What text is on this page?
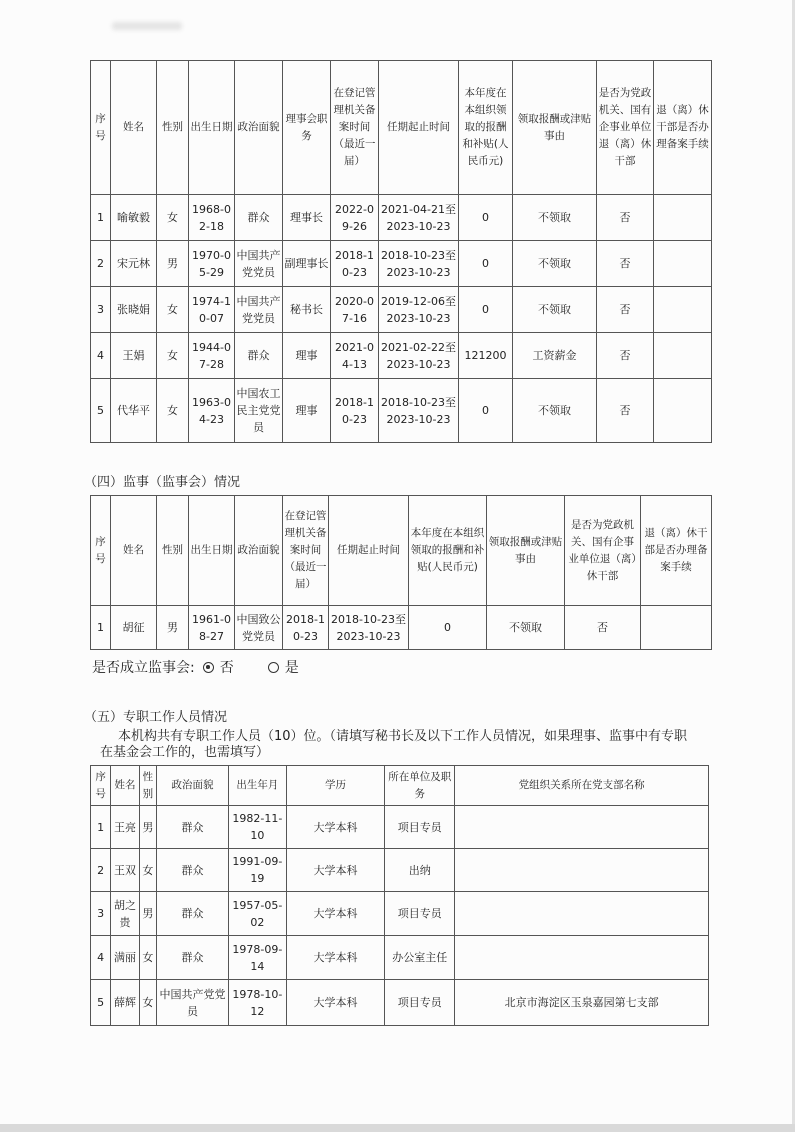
序号	姓名	性别	出生日期	政治面貌	理事会职务	在登记管理机关备案时间（最近一届）	任期起止时间	本年度在本组织领取的报酬和补贴(人民币元)	领取报酬或津贴事由	是否为党政机关、国有企事业单位退（离）休干部	退（离）休干部是否办理备案手续
1	喻敏毅	女	1968-02-18	群众	理事长	2022-09-26	2021-04-21至2023-10-23	0	不领取	否	
2	宋元林	男	1970-05-29	中国共产党党员	副理事长	2018-10-23	2018-10-23至2023-10-23	0	不领取	否	
3	张晓娟	女	1974-10-07	中国共产党党员	秘书长	2020-07-16	2019-12-06至2023-10-23	0	不领取	否	
4	王娟	女	1944-07-28	群众	理事	2021-04-13	2021-02-22至2023-10-23	121200	工资薪金	否	
5	代华平	女	1963-04-23	中国农工民主党党员	理事	2018-10-23	2018-10-23至2023-10-23	0	不领取	否	
（四）监事（监事会）情况
序号	姓名	性别	出生日期	政治面貌	在登记管理机关备案时间（最近一届）	任期起止时间	本年度在本组织领取的报酬和补贴(人民币元)	领取报酬或津贴事由	是否为党政机关、国有企事业单位退（离）休干部	退（离）休干部是否办理备案手续
1	胡征	男	1961-08-27	中国致公党党员	2018-10-23	2018-10-23至2023-10-23	0	不领取	否	
是否成立监事会: 否	是
（五）专职工作人员情况
本机构共有专职工作人员（10）位。（请填写秘书长及以下工作人员情况，如果理事、监事中有专职在基金会工作的，也需填写）
序号	姓名	性别	政治面貌	出生年月	学历	所在单位及职务	党组织关系所在党支部名称
1	王亮	男	群众	1982-11-10	大学本科	项目专员	
2	王双	女	群众	1991-09-19	大学本科	出纳	
3	胡之贵	男	群众	1957-05-02	大学本科	项目专员	
4	满丽	女	群众	1978-09-14	大学本科	办公室主任	
5	薛辉	女	中国共产党党员	1978-10-12	大学本科	项目专员	北京市海淀区玉泉嘉园第七支部
